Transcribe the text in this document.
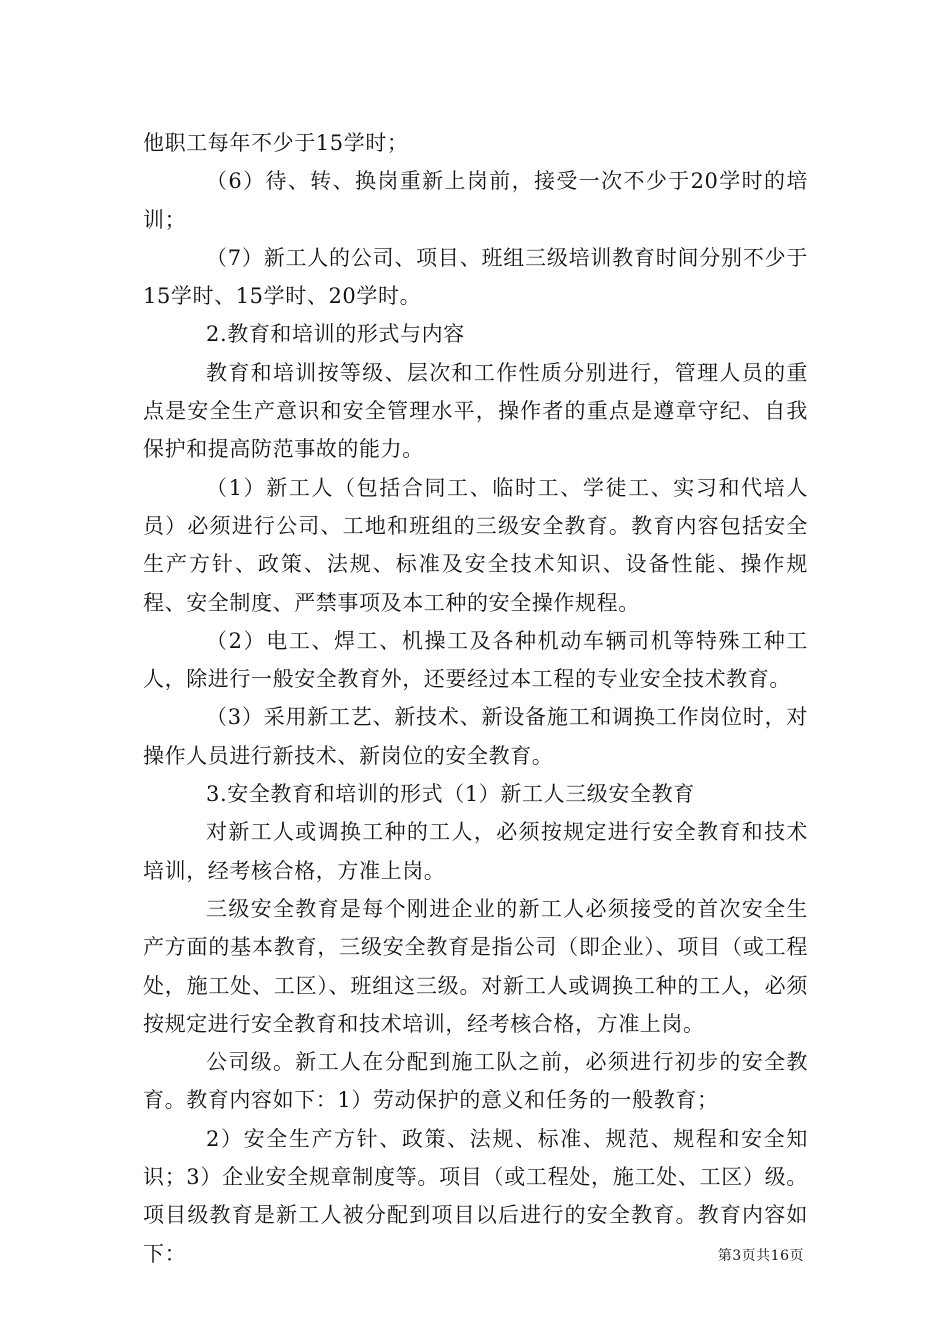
他职工每年不少于15学时；

（6）待、转、换岗重新上岗前，接受一次不少于20学时的培训；

（7）新工人的公司、项目、班组三级培训教育时间分别不少于15学时、15学时、20学时。

2.教育和培训的形式与内容

教育和培训按等级、层次和工作性质分别进行，管理人员的重点是安全生产意识和安全管理水平，操作者的重点是遵章守纪、自我保护和提高防范事故的能力。

（1）新工人（包括合同工、临时工、学徒工、实习和代培人员）必须进行公司、工地和班组的三级安全教育。教育内容包括安全生产方针、政策、法规、标准及安全技术知识、设备性能、操作规程、安全制度、严禁事项及本工种的安全操作规程。

（2）电工、焊工、机操工及各种机动车辆司机等特殊工种工人，除进行一般安全教育外，还要经过本工程的专业安全技术教育。

（3）采用新工艺、新技术、新设备施工和调换工作岗位时，对操作人员进行新技术、新岗位的安全教育。

3.安全教育和培训的形式（1）新工人三级安全教育

对新工人或调换工种的工人，必须按规定进行安全教育和技术培训，经考核合格，方准上岗。

三级安全教育是每个刚进企业的新工人必须接受的首次安全生产方面的基本教育，三级安全教育是指公司（即企业）、项目（或工程处，施工处、工区）、班组这三级。对新工人或调换工种的工人，必须按规定进行安全教育和技术培训，经考核合格，方准上岗。

公司级。新工人在分配到施工队之前，必须进行初步的安全教育。教育内容如下：1）劳动保护的意义和任务的一般教育；

2）安全生产方针、政策、法规、标准、规范、规程和安全知识；3）企业安全规章制度等。项目（或工程处，施工处、工区）级。项目级教育是新工人被分配到项目以后进行的安全教育。教育内容如下：	第3页共16页
